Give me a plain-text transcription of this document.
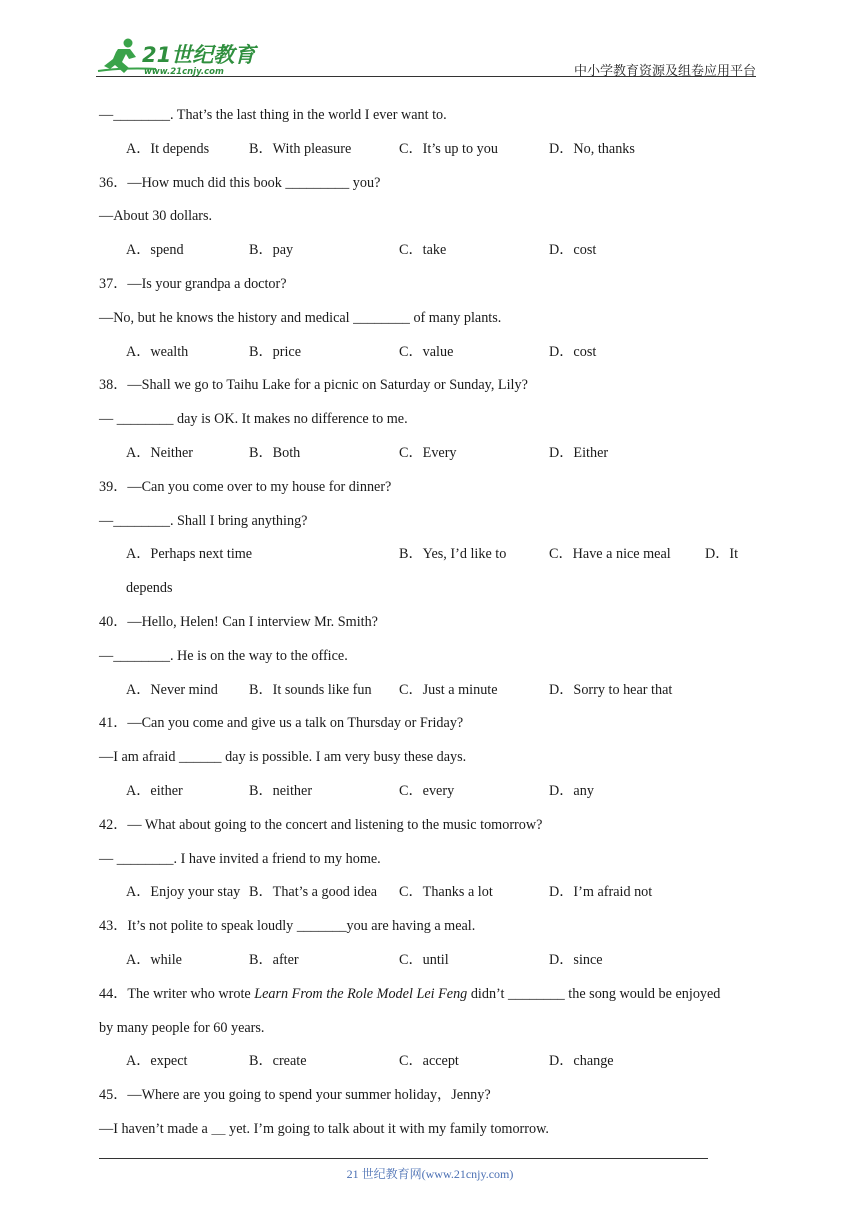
21世纪教育
www.21cnjy.com	中小学教育资源及组卷应用平台
—________. That’s the last thing in the world I ever want to.
A．It depends	B．With pleasure	C．It’s up to you	D．No, thanks
36．—How much did this book _________ you?
—About 30 dollars.
A．spend	B．pay	C．take	D．cost
37．—Is your grandpa a doctor?
—No, but he knows the history and medical ________ of many plants.
A．wealth	B．price	C．value	D．cost
38．—Shall we go to Taihu Lake for a picnic on Saturday or Sunday, Lily?
— ________ day is OK. It makes no difference to me.
A．Neither	B．Both	C．Every	D．Either
39．—Can you come over to my house for dinner?
—________. Shall I bring anything?
A．Perhaps next time	B．Yes, I’d like to	C．Have a nice meal D．It
depends
40．—Hello, Helen! Can I interview Mr. Smith?
—________. He is on the way to the office.
A．Never mind B．It sounds like fun C．Just a minute	D．Sorry to hear that
41．—Can you come and give us a talk on Thursday or Friday?
—I am afraid ______ day is possible. I am very busy these days.
A．either	B．neither	C．every	D．any
42．— What about going to the concert and listening to the music tomorrow?
— ________. I have invited a friend to my home.
A．Enjoy your stay B．That’s a good idea C．Thanks a lot	D．I’m afraid not
43．It’s not polite to speak loudly _______you are having a meal.
A．while	B．after	C．until	D．since
44．The writer who wrote Learn From the Role Model Lei Feng didn’t ________ the song would be enjoyed
by many people for 60 years.
A．expect	B．create	C．accept	D．change
45．—Where are you going to spend your summer holiday，Jenny?
—I haven’t made a ＿ yet. I’m going to talk about it with my family tomorrow.
21 世纪教育网(www.21cnjy.com)
